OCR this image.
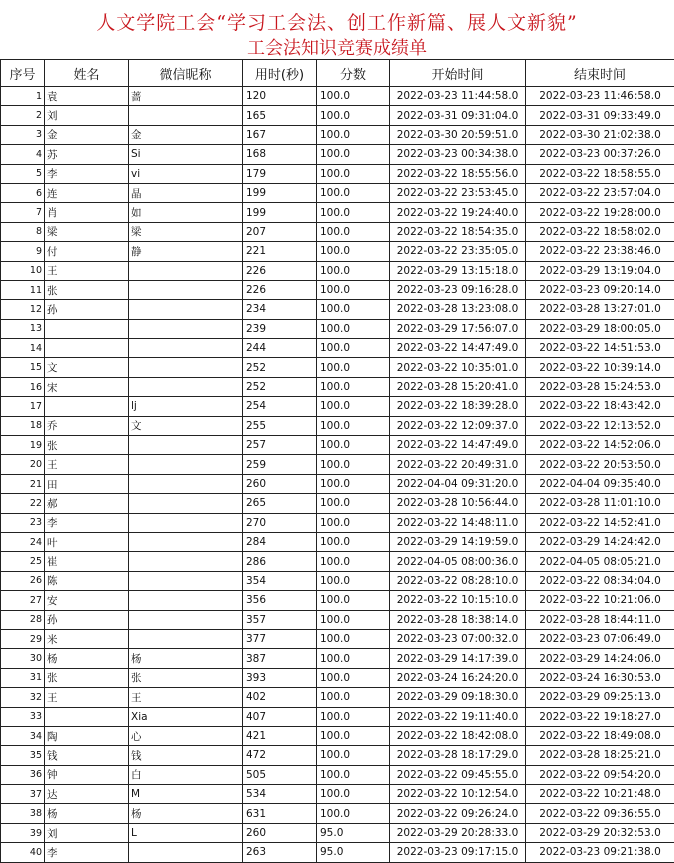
人文学院工会“学习工会法、创工作新篇、展人文新貌”
工会法知识竞赛成绩单
序号	姓名	微信昵称	用时(秒)	分数	开始时间	结束时间
1	袁	蔷	120	100.0	2022-03-23 11:44:58.0	2022-03-23 11:46:58.0
2	刘		165	100.0	2022-03-31 09:31:04.0	2022-03-31 09:33:49.0
3	金	金	167	100.0	2022-03-30 20:59:51.0	2022-03-30 21:02:38.0
4	苏	Si	168	100.0	2022-03-23 00:34:38.0	2022-03-23 00:37:26.0
5	李	vi	179	100.0	2022-03-22 18:55:56.0	2022-03-22 18:58:55.0
6	连	晶	199	100.0	2022-03-22 23:53:45.0	2022-03-22 23:57:04.0
7	肖	如	199	100.0	2022-03-22 19:24:40.0	2022-03-22 19:28:00.0
8	梁	梁	207	100.0	2022-03-22 18:54:35.0	2022-03-22 18:58:02.0
9	付	静	221	100.0	2022-03-22 23:35:05.0	2022-03-22 23:38:46.0
10	王		226	100.0	2022-03-29 13:15:18.0	2022-03-29 13:19:04.0
11	张		226	100.0	2022-03-23 09:16:28.0	2022-03-23 09:20:14.0
12	孙		234	100.0	2022-03-28 13:23:08.0	2022-03-28 13:27:01.0
13			239	100.0	2022-03-29 17:56:07.0	2022-03-29 18:00:05.0
14			244	100.0	2022-03-22 14:47:49.0	2022-03-22 14:51:53.0
15	文		252	100.0	2022-03-22 10:35:01.0	2022-03-22 10:39:14.0
16	宋		252	100.0	2022-03-28 15:20:41.0	2022-03-28 15:24:53.0
17		lj	254	100.0	2022-03-22 18:39:28.0	2022-03-22 18:43:42.0
18	乔	文	255	100.0	2022-03-22 12:09:37.0	2022-03-22 12:13:52.0
19	张		257	100.0	2022-03-22 14:47:49.0	2022-03-22 14:52:06.0
20	王		259	100.0	2022-03-22 20:49:31.0	2022-03-22 20:53:50.0
21	田		260	100.0	2022-04-04 09:31:20.0	2022-04-04 09:35:40.0
22	郝		265	100.0	2022-03-28 10:56:44.0	2022-03-28 11:01:10.0
23	李		270	100.0	2022-03-22 14:48:11.0	2022-03-22 14:52:41.0
24	叶		284	100.0	2022-03-29 14:19:59.0	2022-03-29 14:24:42.0
25	崔		286	100.0	2022-04-05 08:00:36.0	2022-04-05 08:05:21.0
26	陈		354	100.0	2022-03-22 08:28:10.0	2022-03-22 08:34:04.0
27	安		356	100.0	2022-03-22 10:15:10.0	2022-03-22 10:21:06.0
28	孙		357	100.0	2022-03-28 18:38:14.0	2022-03-28 18:44:11.0
29	米		377	100.0	2022-03-23 07:00:32.0	2022-03-23 07:06:49.0
30	杨	杨	387	100.0	2022-03-29 14:17:39.0	2022-03-29 14:24:06.0
31	张	张	393	100.0	2022-03-24 16:24:20.0	2022-03-24 16:30:53.0
32	王	王	402	100.0	2022-03-29 09:18:30.0	2022-03-29 09:25:13.0
33		Xia	407	100.0	2022-03-22 19:11:40.0	2022-03-22 19:18:27.0
34	陶	心	421	100.0	2022-03-22 18:42:08.0	2022-03-22 18:49:08.0
35	钱	钱	472	100.0	2022-03-28 18:17:29.0	2022-03-28 18:25:21.0
36	钟	白	505	100.0	2022-03-22 09:45:55.0	2022-03-22 09:54:20.0
37	达	M	534	100.0	2022-03-22 10:12:54.0	2022-03-22 10:21:48.0
38	杨	杨	631	100.0	2022-03-22 09:26:24.0	2022-03-22 09:36:55.0
39	刘	L	260	95.0	2022-03-29 20:28:33.0	2022-03-29 20:32:53.0
40	李		263	95.0	2022-03-23 09:17:15.0	2022-03-23 09:21:38.0
